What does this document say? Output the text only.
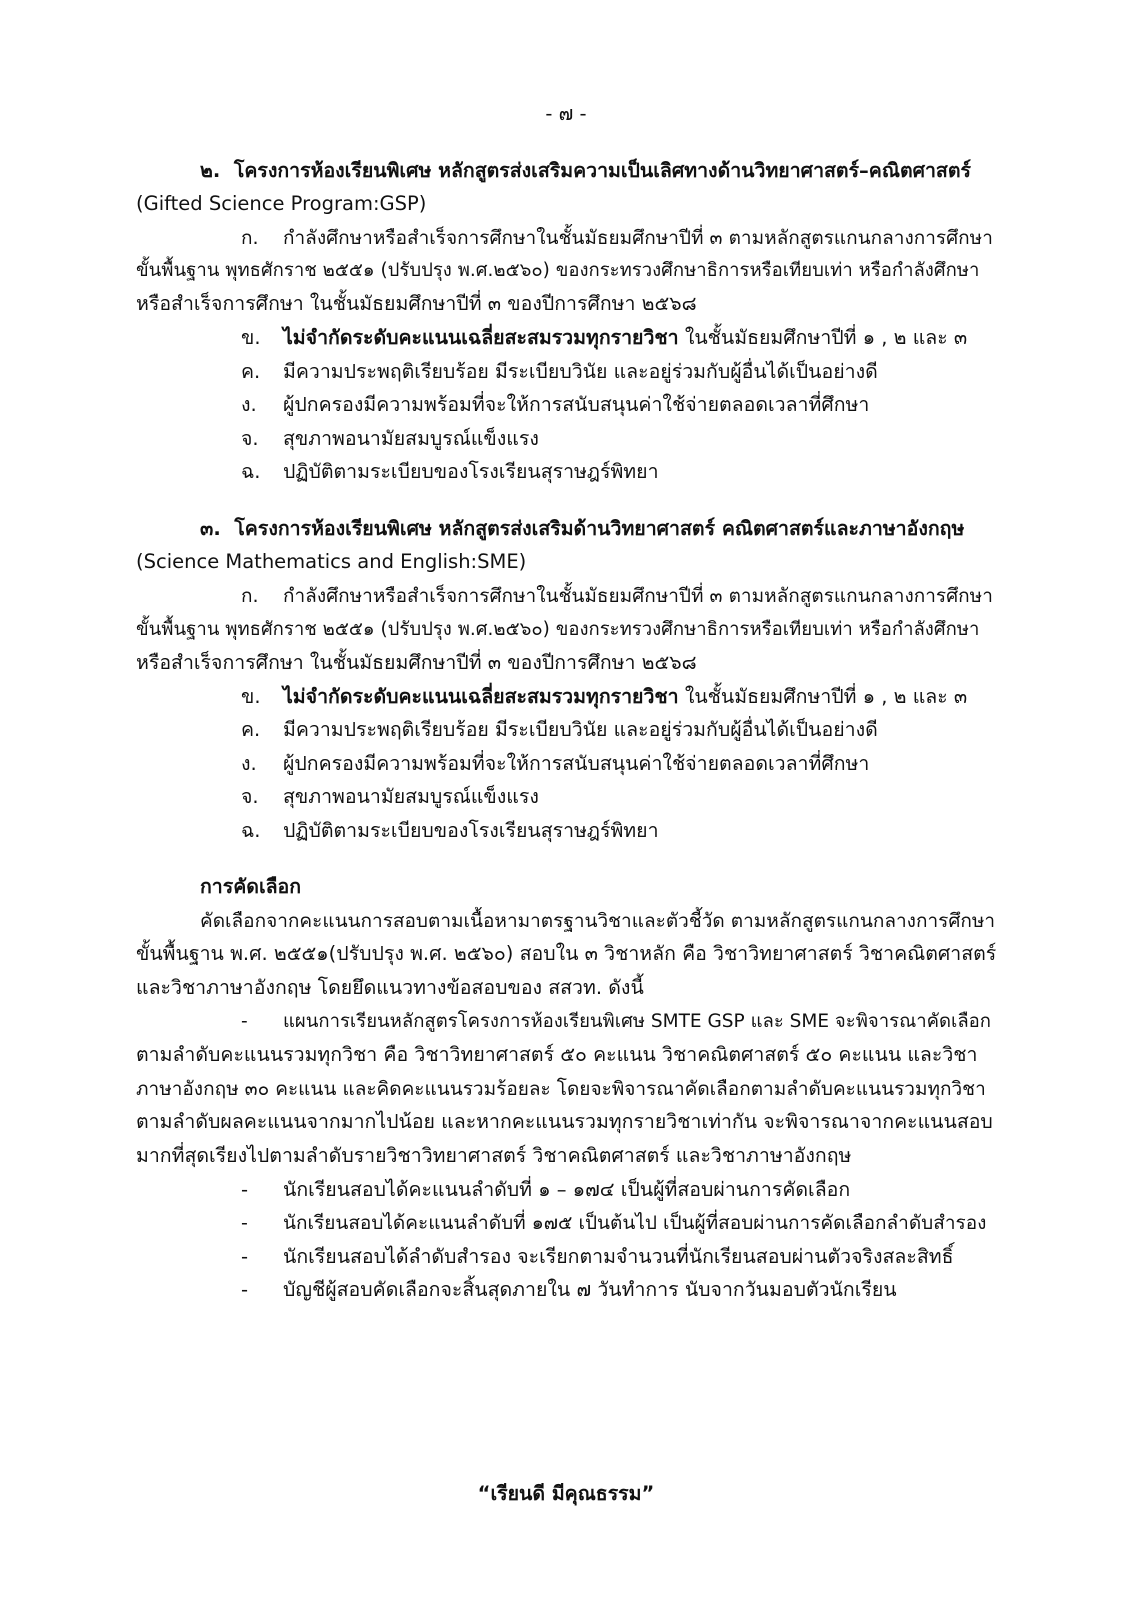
- ๗ -
๒. โครงการห้องเรียนพิเศษ หลักสูตรส่งเสริมความเป็นเลิศทางด้านวิทยาศาสตร์–คณิตศาสตร์
(Gifted Science Program:GSP)
ก. กำลังศึกษาหรือสำเร็จการศึกษาในชั้นมัธยมศึกษาปีที่ ๓ ตามหลักสูตรแกนกลางการศึกษา
ขั้นพื้นฐาน พุทธศักราช ๒๕๕๑ (ปรับปรุง พ.ศ.๒๕๖๐) ของกระทรวงศึกษาธิการหรือเทียบเท่า หรือกำลังศึกษา
หรือสำเร็จการศึกษา ในชั้นมัธยมศึกษาปีที่ ๓ ของปีการศึกษา ๒๕๖๘
ข. ไม่จำกัดระดับคะแนนเฉลี่ยสะสมรวมทุกรายวิชา ในชั้นมัธยมศึกษาปีที่ ๑ , ๒ และ ๓
ค. มีความประพฤติเรียบร้อย มีระเบียบวินัย และอยู่ร่วมกับผู้อื่นได้เป็นอย่างดี
ง. ผู้ปกครองมีความพร้อมที่จะให้การสนับสนุนค่าใช้จ่ายตลอดเวลาที่ศึกษา
จ. สุขภาพอนามัยสมบูรณ์แข็งแรง
ฉ. ปฏิบัติตามระเบียบของโรงเรียนสุราษฎร์พิทยา
๓. โครงการห้องเรียนพิเศษ หลักสูตรส่งเสริมด้านวิทยาศาสตร์ คณิตศาสตร์และภาษาอังกฤษ
(Science Mathematics and English:SME)
ก. กำลังศึกษาหรือสำเร็จการศึกษาในชั้นมัธยมศึกษาปีที่ ๓ ตามหลักสูตรแกนกลางการศึกษา
ขั้นพื้นฐาน พุทธศักราช ๒๕๕๑ (ปรับปรุง พ.ศ.๒๕๖๐) ของกระทรวงศึกษาธิการหรือเทียบเท่า หรือกำลังศึกษา
หรือสำเร็จการศึกษา ในชั้นมัธยมศึกษาปีที่ ๓ ของปีการศึกษา ๒๕๖๘
ข. ไม่จำกัดระดับคะแนนเฉลี่ยสะสมรวมทุกรายวิชา ในชั้นมัธยมศึกษาปีที่ ๑ , ๒ และ ๓
ค. มีความประพฤติเรียบร้อย มีระเบียบวินัย และอยู่ร่วมกับผู้อื่นได้เป็นอย่างดี
ง. ผู้ปกครองมีความพร้อมที่จะให้การสนับสนุนค่าใช้จ่ายตลอดเวลาที่ศึกษา
จ. สุขภาพอนามัยสมบูรณ์แข็งแรง
ฉ. ปฏิบัติตามระเบียบของโรงเรียนสุราษฎร์พิทยา
การคัดเลือก
คัดเลือกจากคะแนนการสอบตามเนื้อหามาตรฐานวิชาและตัวชี้วัด ตามหลักสูตรแกนกลางการศึกษา
ขั้นพื้นฐาน พ.ศ. ๒๕๕๑(ปรับปรุง พ.ศ. ๒๕๖๐) สอบใน ๓ วิชาหลัก คือ วิชาวิทยาศาสตร์ วิชาคณิตศาสตร์
และวิชาภาษาอังกฤษ โดยยึดแนวทางข้อสอบของ สสวท. ดังนี้
- แผนการเรียนหลักสูตรโครงการห้องเรียนพิเศษ SMTE GSP และ SME จะพิจารณาคัดเลือก
ตามลำดับคะแนนรวมทุกวิชา คือ วิชาวิทยาศาสตร์ ๕๐ คะแนน วิชาคณิตศาสตร์ ๕๐ คะแนน และวิชา
ภาษาอังกฤษ ๓๐ คะแนน และคิดคะแนนรวมร้อยละ โดยจะพิจารณาคัดเลือกตามลำดับคะแนนรวมทุกวิชา
ตามลำดับผลคะแนนจากมากไปน้อย และหากคะแนนรวมทุกรายวิชาเท่ากัน จะพิจารณาจากคะแนนสอบ
มากที่สุดเรียงไปตามลำดับรายวิชาวิทยาศาสตร์ วิชาคณิตศาสตร์ และวิชาภาษาอังกฤษ
- นักเรียนสอบได้คะแนนลำดับที่ ๑ – ๑๗๔ เป็นผู้ที่สอบผ่านการคัดเลือก
- นักเรียนสอบได้คะแนนลำดับที่ ๑๗๕ เป็นต้นไป เป็นผู้ที่สอบผ่านการคัดเลือกลำดับสำรอง
- นักเรียนสอบได้ลำดับสำรอง จะเรียกตามจำนวนที่นักเรียนสอบผ่านตัวจริงสละสิทธิ์
- บัญชีผู้สอบคัดเลือกจะสิ้นสุดภายใน ๗ วันทำการ นับจากวันมอบตัวนักเรียน
“เรียนดี มีคุณธรรม”
